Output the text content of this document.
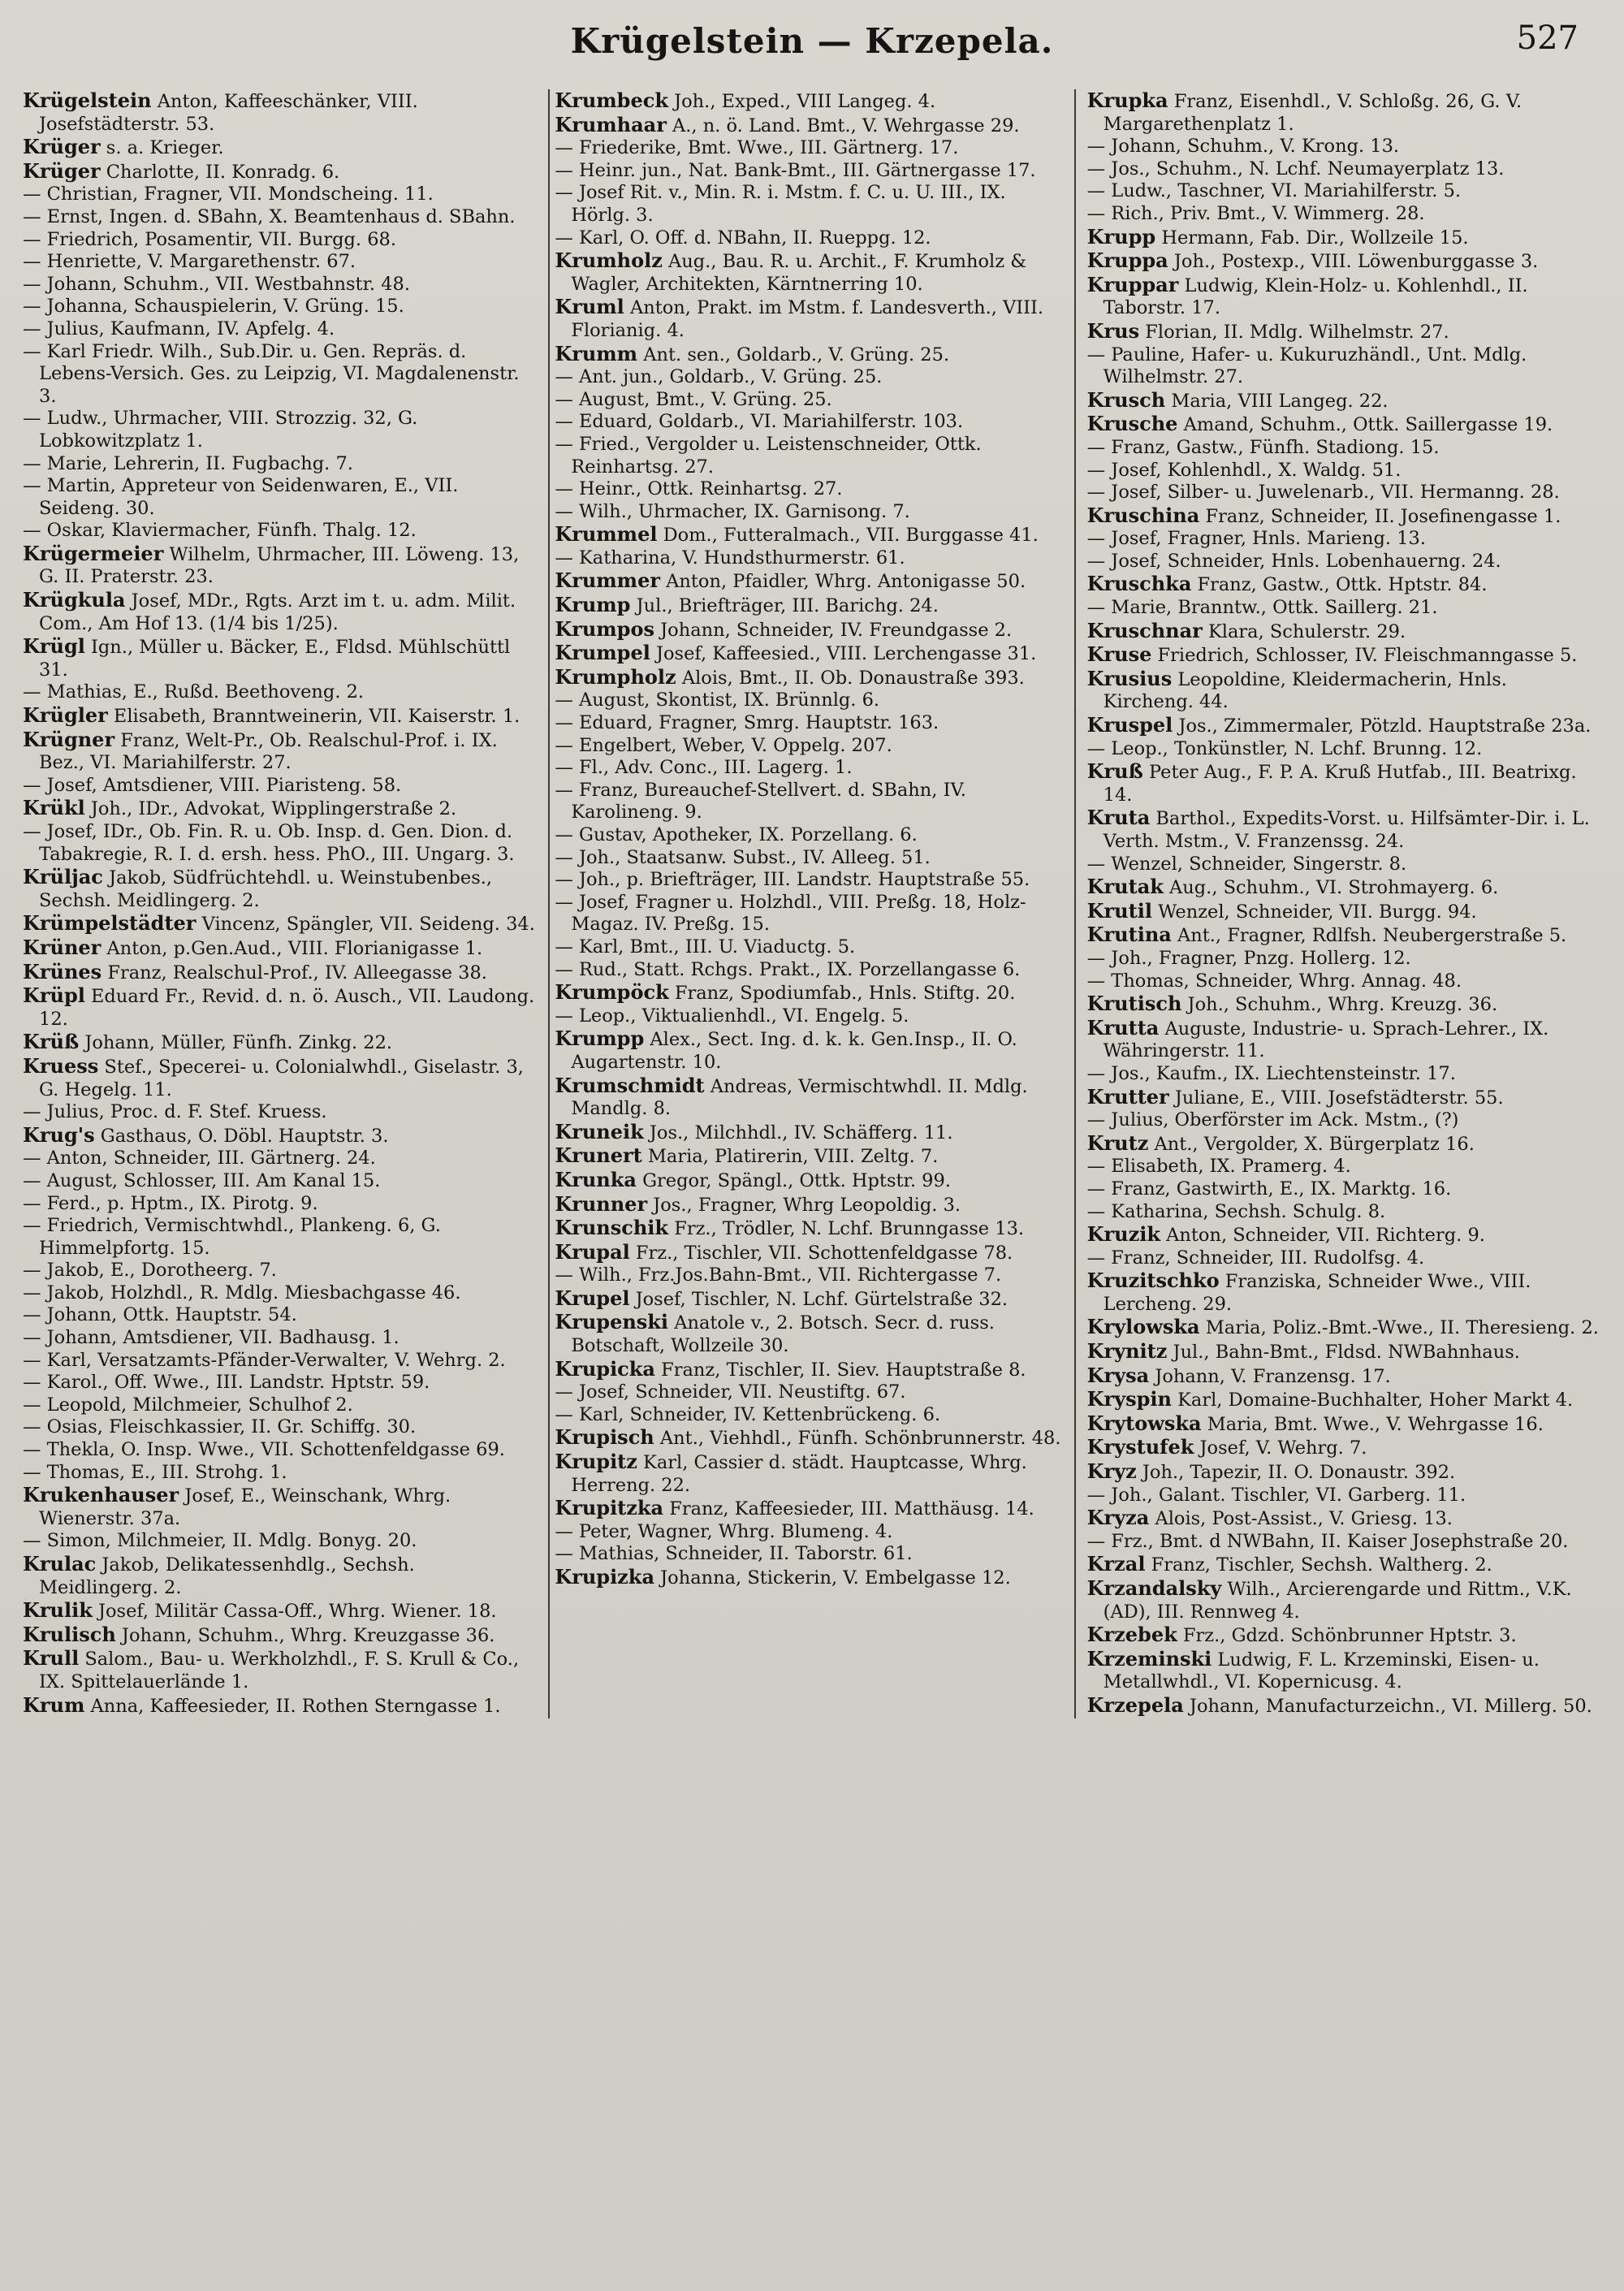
Krügelstein — Krzepela.	527
Krügelstein Anton, Kaffeeschänker, VIII. Josefstädterstr. 53.
Krüger s. a. Krieger.
Krüger Charlotte, II. Konradg. 6.
— Christian, Fragner, VII. Mondscheing. 11.
— Ernst, Ingen. d. SBahn, X. Beamtenhaus d. SBahn.
— Friedrich, Posamentir, VII. Burgg. 68.
— Henriette, V. Margarethenstr. 67.
— Johann, Schuhm., VII. Westbahnstr. 48.
— Johanna, Schauspielerin, V. Grüng. 15.
— Julius, Kaufmann, IV. Apfelg. 4.
— Karl Friedr. Wilh., Sub.Dir. u. Gen. Repräs. d. Lebens-Versich. Ges. zu Leipzig, VI. Magdalenenstr. 3.
— Ludw., Uhrmacher, VIII. Strozzig. 32, G. Lobkowitzplatz 1.
— Marie, Lehrerin, II. Fugbachg. 7.
— Martin, Appreteur von Seidenwaren, E., VII. Seideng. 30.
— Oskar, Klaviermacher, Fünfh. Thalg. 12.
Krügermeier Wilhelm, Uhrmacher, III. Löweng. 13, G. II. Praterstr. 23.
Krügkula Josef, MDr., Rgts. Arzt im t. u. adm. Milit. Com., Am Hof 13. (1/4 bis 1/25).
Krügl Ign., Müller u. Bäcker, E., Fldsd. Mühlschüttl 31.
— Mathias, E., Rußd. Beethoveng. 2.
Krügler Elisabeth, Branntweinerin, VII. Kaiserstr. 1.
Krügner Franz, Welt-Pr., Ob. Realschul-Prof. i. IX. Bez., VI. Mariahilferstr. 27.
— Josef, Amtsdiener, VIII. Piaristeng. 58.
Krükl Joh., IDr., Advokat, Wipplingerstraße 2.
— Josef, IDr., Ob. Fin. R. u. Ob. Insp. d. Gen. Dion. d. Tabakregie, R. I. d. ersh. hess. PhO., III. Ungarg. 3.
Krüljac Jakob, Südfrüchtehdl. u. Weinstubenbes., Sechsh. Meidlingerg. 2.
Krümpelstädter Vincenz, Spängler, VII. Seideng. 34.
Krüner Anton, p.Gen.Aud., VIII. Florianigasse 1.
Krünes Franz, Realschul-Prof., IV. Alleegasse 38.
Krüpl Eduard Fr., Revid. d. n. ö. Ausch., VII. Laudong. 12.
Krüß Johann, Müller, Fünfh. Zinkg. 22.
Kruess Stef., Specerei- u. Colonialwhdl., Giselastr. 3, G. Hegelg. 11.
— Julius, Proc. d. F. Stef. Kruess.
Krug's Gasthaus, O. Döbl. Hauptstr. 3.
— Anton, Schneider, III. Gärtnerg. 24.
— August, Schlosser, III. Am Kanal 15.
— Ferd., p. Hptm., IX. Pirotg. 9.
— Friedrich, Vermischtwhdl., Plankeng. 6, G. Himmelpfortg. 15.
— Jakob, E., Dorotheerg. 7.
— Jakob, Holzhdl., R. Mdlg. Miesbachgasse 46.
— Johann, Ottk. Hauptstr. 54.
— Johann, Amtsdiener, VII. Badhausg. 1.
— Karl, Versatzamts-Pfänder-Verwalter, V. Wehrg. 2.
— Karol., Off. Wwe., III. Landstr. Hptstr. 59.
— Leopold, Milchmeier, Schulhof 2.
— Osias, Fleischkassier, II. Gr. Schiffg. 30.
— Thekla, O. Insp. Wwe., VII. Schottenfeldgasse 69.
— Thomas, E., III. Strohg. 1.
Krukenhauser Josef, E., Weinschank, Whrg. Wienerstr. 37a.
— Simon, Milchmeier, II. Mdlg. Bonyg. 20.
Krulac Jakob, Delikatessenhdlg., Sechsh. Meidlingerg. 2.
Krulik Josef, Militär Cassa-Off., Whrg. Wiener. 18.
Krulisch Johann, Schuhm., Whrg. Kreuzgasse 36.
Krull Salom., Bau- u. Werkholzhdl., F. S. Krull & Co., IX. Spittelauerlände 1.
Krum Anna, Kaffeesieder, II. Rothen Sterngasse 1.
Krumbeck Joh., Exped., VIII Langeg. 4.
Krumhaar A., n. ö. Land. Bmt., V. Wehrgasse 29.
— Friederike, Bmt. Wwe., III. Gärtnerg. 17.
— Heinr. jun., Nat. Bank-Bmt., III. Gärtnergasse 17.
— Josef Rit. v., Min. R. i. Mstm. f. C. u. U. III., IX. Hörlg. 3.
— Karl, O. Off. d. NBahn, II. Rueppg. 12.
Krumholz Aug., Bau. R. u. Archit., F. Krumholz & Wagler, Architekten, Kärntnerring 10.
Kruml Anton, Prakt. im Mstm. f. Landesverth., VIII. Florianig. 4.
Krumm Ant. sen., Goldarb., V. Grüng. 25.
— Ant. jun., Goldarb., V. Grüng. 25.
— August, Bmt., V. Grüng. 25.
— Eduard, Goldarb., VI. Mariahilferstr. 103.
— Fried., Vergolder u. Leistenschneider, Ottk. Reinhartsg. 27.
— Heinr., Ottk. Reinhartsg. 27.
— Wilh., Uhrmacher, IX. Garnisong. 7.
Krummel Dom., Futteralmach., VII. Burggasse 41.
— Katharina, V. Hundsthurmerstr. 61.
Krummer Anton, Pfaidler, Whrg. Antonigasse 50.
Krump Jul., Briefträger, III. Barichg. 24.
Krumpos Johann, Schneider, IV. Freundgasse 2.
Krumpel Josef, Kaffeesied., VIII. Lerchengasse 31.
Krumpholz Alois, Bmt., II. Ob. Donaustraße 393.
— August, Skontist, IX. Brünnlg. 6.
— Eduard, Fragner, Smrg. Hauptstr. 163.
— Engelbert, Weber, V. Oppelg. 207.
— Fl., Adv. Conc., III. Lagerg. 1.
— Franz, Bureauchef-Stellvert. d. SBahn, IV. Karolineng. 9.
— Gustav, Apotheker, IX. Porzellang. 6.
— Joh., Staatsanw. Subst., IV. Alleeg. 51.
— Joh., p. Briefträger, III. Landstr. Hauptstraße 55.
— Josef, Fragner u. Holzhdl., VIII. Preßg. 18, Holz-Magaz. IV. Preßg. 15.
— Karl, Bmt., III. U. Viaductg. 5.
— Rud., Statt. Rchgs. Prakt., IX. Porzellangasse 6.
Krumpöck Franz, Spodiumfab., Hnls. Stiftg. 20.
— Leop., Viktualienhdl., VI. Engelg. 5.
Krumpp Alex., Sect. Ing. d. k. k. Gen.Insp., II. O. Augartenstr. 10.
Krumschmidt Andreas, Vermischtwhdl. II. Mdlg. Mandlg. 8.
Kruneik Jos., Milchhdl., IV. Schäfferg. 11.
Krunert Maria, Platirerin, VIII. Zeltg. 7.
Krunka Gregor, Spängl., Ottk. Hptstr. 99.
Krunner Jos., Fragner, Whrg Leopoldig. 3.
Krunschik Frz., Trödler, N. Lchf. Brunngasse 13.
Krupal Frz., Tischler, VII. Schottenfeldgasse 78.
— Wilh., Frz.Jos.Bahn-Bmt., VII. Richtergasse 7.
Krupel Josef, Tischler, N. Lchf. Gürtelstraße 32.
Krupenski Anatole v., 2. Botsch. Secr. d. russ. Botschaft, Wollzeile 30.
Krupicka Franz, Tischler, II. Siev. Hauptstraße 8.
— Josef, Schneider, VII. Neustiftg. 67.
— Karl, Schneider, IV. Kettenbrückeng. 6.
Krupisch Ant., Viehhdl., Fünfh. Schönbrunnerstr. 48.
Krupitz Karl, Cassier d. städt. Hauptcasse, Whrg. Herreng. 22.
Krupitzka Franz, Kaffeesieder, III. Matthäusg. 14.
— Peter, Wagner, Whrg. Blumeng. 4.
— Mathias, Schneider, II. Taborstr. 61.
Krupizka Johanna, Stickerin, V. Embelgasse 12.
Krupka Franz, Eisenhdl., V. Schloßg. 26, G. V. Margarethenplatz 1.
— Johann, Schuhm., V. Krong. 13.
— Jos., Schuhm., N. Lchf. Neumayerplatz 13.
— Ludw., Taschner, VI. Mariahilferstr. 5.
— Rich., Priv. Bmt., V. Wimmerg. 28.
Krupp Hermann, Fab. Dir., Wollzeile 15.
Kruppa Joh., Postexp., VIII. Löwenburggasse 3.
Kruppar Ludwig, Klein-Holz- u. Kohlenhdl., II. Taborstr. 17.
Krus Florian, II. Mdlg. Wilhelmstr. 27.
— Pauline, Hafer- u. Kukuruzhändl., Unt. Mdlg. Wilhelmstr. 27.
Krusch Maria, VIII Langeg. 22.
Krusche Amand, Schuhm., Ottk. Saillergasse 19.
— Franz, Gastw., Fünfh. Stadiong. 15.
— Josef, Kohlenhdl., X. Waldg. 51.
— Josef, Silber- u. Juwelenarb., VII. Hermanng. 28.
Kruschina Franz, Schneider, II. Josefinengasse 1.
— Josef, Fragner, Hnls. Marieng. 13.
— Josef, Schneider, Hnls. Lobenhauerng. 24.
Kruschka Franz, Gastw., Ottk. Hptstr. 84.
— Marie, Branntw., Ottk. Saillerg. 21.
Kruschnar Klara, Schulerstr. 29.
Kruse Friedrich, Schlosser, IV. Fleischmanngasse 5.
Krusius Leopoldine, Kleidermacherin, Hnls. Kircheng. 44.
Kruspel Jos., Zimmermaler, Pötzld. Hauptstraße 23a.
— Leop., Tonkünstler, N. Lchf. Brunng. 12.
Kruß Peter Aug., F. P. A. Kruß Hutfab., III. Beatrixg. 14.
Kruta Barthol., Expedits-Vorst. u. Hilfsämter-Dir. i. L. Verth. Mstm., V. Franzenssg. 24.
— Wenzel, Schneider, Singerstr. 8.
Krutak Aug., Schuhm., VI. Strohmayerg. 6.
Krutil Wenzel, Schneider, VII. Burgg. 94.
Krutina Ant., Fragner, Rdlfsh. Neubergerstraße 5.
— Joh., Fragner, Pnzg. Hollerg. 12.
— Thomas, Schneider, Whrg. Annag. 48.
Krutisch Joh., Schuhm., Whrg. Kreuzg. 36.
Krutta Auguste, Industrie- u. Sprach-Lehrer., IX. Währingerstr. 11.
— Jos., Kaufm., IX. Liechtensteinstr. 17.
Krutter Juliane, E., VIII. Josefstädterstr. 55.
— Julius, Oberförster im Ack. Mstm., (?)
Krutz Ant., Vergolder, X. Bürgerplatz 16.
— Elisabeth, IX. Pramerg. 4.
— Franz, Gastwirth, E., IX. Marktg. 16.
— Katharina, Sechsh. Schulg. 8.
Kruzik Anton, Schneider, VII. Richterg. 9.
— Franz, Schneider, III. Rudolfsg. 4.
Kruzitschko Franziska, Schneider Wwe., VIII. Lercheng. 29.
Krylowska Maria, Poliz.-Bmt.-Wwe., II. Theresieng. 2.
Krynitz Jul., Bahn-Bmt., Fldsd. NWBahnhaus.
Krysa Johann, V. Franzensg. 17.
Kryspin Karl, Domaine-Buchhalter, Hoher Markt 4.
Krytowska Maria, Bmt. Wwe., V. Wehrgasse 16.
Krystufek Josef, V. Wehrg. 7.
Kryz Joh., Tapezir, II. O. Donaustr. 392.
— Joh., Galant. Tischler, VI. Garberg. 11.
Kryza Alois, Post-Assist., V. Griesg. 13.
— Frz., Bmt. d NWBahn, II. Kaiser Josephstraße 20.
Krzal Franz, Tischler, Sechsh. Waltherg. 2.
Krzandalsky Wilh., Arcierengarde und Rittm., V.K. (AD), III. Rennweg 4.
Krzebek Frz., Gdzd. Schönbrunner Hptstr. 3.
Krzeminski Ludwig, F. L. Krzeminski, Eisen- u. Metallwhdl., VI. Kopernicusg. 4.
Krzepela Johann, Manufacturzeichn., VI. Millerg. 50.
